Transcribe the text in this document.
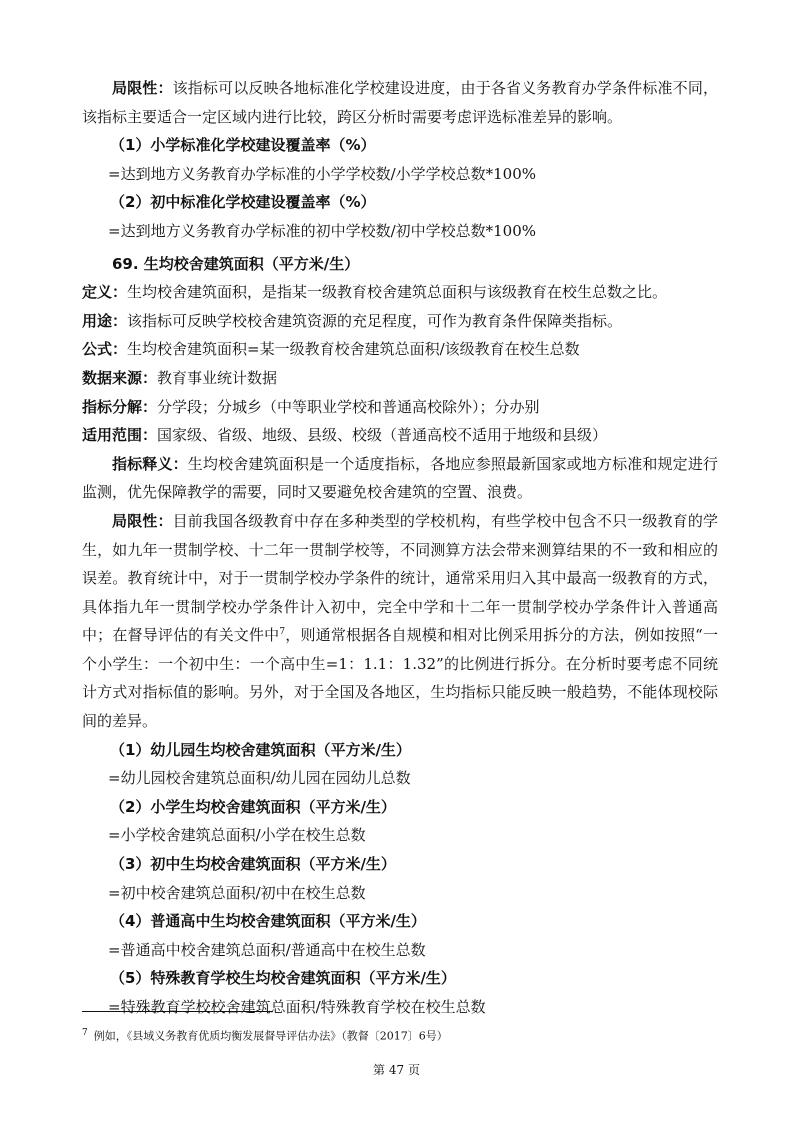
局限性：该指标可以反映各地标准化学校建设进度，由于各省义务教育办学条件标准不同，该指标主要适合一定区域内进行比较，跨区分析时需要考虑评选标准差异的影响。

（1）小学标准化学校建设覆盖率（%）

=达到地方义务教育办学标准的小学学校数/小学学校总数*100%

（2）初中标准化学校建设覆盖率（%）

=达到地方义务教育办学标准的初中学校数/初中学校总数*100%

69. 生均校舍建筑面积（平方米/生）

定义：生均校舍建筑面积，是指某一级教育校舍建筑总面积与该级教育在校生总数之比。

用途：该指标可反映学校校舍建筑资源的充足程度，可作为教育条件保障类指标。

公式：生均校舍建筑面积=某一级教育校舍建筑总面积/该级教育在校生总数

数据来源：教育事业统计数据

指标分解：分学段；分城乡（中等职业学校和普通高校除外）；分办别

适用范围：国家级、省级、地级、县级、校级（普通高校不适用于地级和县级）

指标释义：生均校舍建筑面积是一个适度指标，各地应参照最新国家或地方标准和规定进行监测，优先保障教学的需要，同时又要避免校舍建筑的空置、浪费。

局限性：目前我国各级教育中存在多种类型的学校机构，有些学校中包含不只一级教育的学生，如九年一贯制学校、十二年一贯制学校等，不同测算方法会带来测算结果的不一致和相应的误差。教育统计中，对于一贯制学校办学条件的统计，通常采用归入其中最高一级教育的方式，具体指九年一贯制学校办学条件计入初中，完全中学和十二年一贯制学校办学条件计入普通高中；在督导评估的有关文件中$^7$，则通常根据各自规模和相对比例采用拆分的方法，例如按照“一个小学生：一个初中生：一个高中生=1：1.1：1.32”的比例进行拆分。在分析时要考虑不同统计方式对指标值的影响。另外，对于全国及各地区，生均指标只能反映一般趋势，不能体现校际间的差异。

（1）幼儿园生均校舍建筑面积（平方米/生）

=幼儿园校舍建筑总面积/幼儿园在园幼儿总数

（2）小学生均校舍建筑面积（平方米/生）

=小学校舍建筑总面积/小学在校生总数

（3）初中生均校舍建筑面积（平方米/生）

=初中校舍建筑总面积/初中在校生总数

（4）普通高中生均校舍建筑面积（平方米/生）

=普通高中校舍建筑总面积/普通高中在校生总数

（5）特殊教育学校生均校舍建筑面积（平方米/生）

=特殊教育学校校舍建筑总面积/特殊教育学校在校生总数

$^7$ 例如，《县域义务教育优质均衡发展督导评估办法》（教督〔2017〕6号）
第 47 页
